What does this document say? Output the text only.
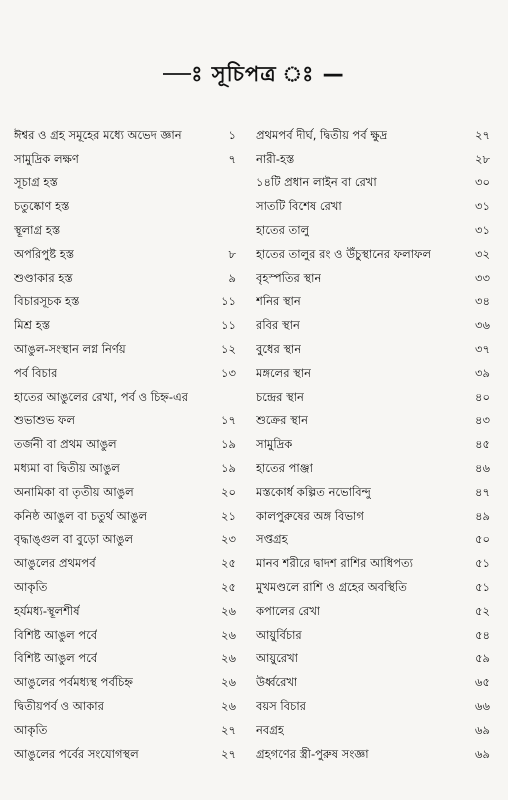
—ঃ সূচিপত্র ঃ —
ঈশ্বর ও গ্রহ সমূহের মধ্যে অভেদ জ্ঞান	১
সামুদ্রিক লক্ষণ	৭
সূচাগ্র হস্ত
চতুষ্কোণ হস্ত
স্থূলাগ্র হস্ত
অপরিপুষ্ট হস্ত	৮
শুণ্ডাকার হস্ত	৯
বিচারসূচক হস্ত	১১
মিশ্র হস্ত	১১
আঙুল-সংস্থান লগ্ন নির্ণয়	১২
পর্ব বিচার	১৩
হাতের আঙুলের রেখা, পর্ব ও চিহ্ন-এর
শুভাশুভ ফল	১৭
তর্জনী বা প্রথম আঙুল	১৯
মধ্যমা বা দ্বিতীয় আঙুল	১৯
অনামিকা বা তৃতীয় আঙুল	২০
কনিষ্ঠ আঙুল বা চতুর্থ আঙুল	২১
বৃদ্ধাঙ্গুল বা বুড়ো আঙুল	২৩
আঙুলের প্রথমপর্ব	২৫
আকৃতি	২৫
হর্যমধ্য-স্থূলশীর্ষ	২৬
বিশিষ্ট আঙুল পর্বে	২৬
বিশিষ্ট আঙুল পর্বে	২৬
আঙুলের পর্বমধ্যস্থ পর্বচিহ্ন	২৬
দ্বিতীয়পর্ব ও আকার	২৬
আকৃতি	২৭
আঙুলের পর্বের সংযোগস্থল	২৭
প্রথমপর্ব দীর্ঘ, দ্বিতীয় পর্ব ক্ষুদ্র	২৭
নারী-হস্ত	২৮
১৪টি প্রধান লাইন বা রেখা	৩০
সাতটি বিশেষ রেখা	৩১
হাতের তালু	৩১
হাতের তালুর রং ও উঁচুস্থানের ফলাফল	৩২
বৃহস্পতির স্থান	৩৩
শনির স্থান	৩৪
রবির স্থান	৩৬
বুধের স্থান	৩৭
মঙ্গলের স্থান	৩৯
চন্দ্রের স্থান	৪০
শুক্রের স্থান	৪৩
সামুদ্রিক	৪৫
হাতের পাঞ্জা	৪৬
মস্তকোর্ধ কল্পিত নভোবিন্দু	৪৭
কালপুরুষের অঙ্গ বিভাগ	৪৯
সপ্তগ্রহ	৫০
মানব শরীরে দ্বাদশ রাশির আধিপত্য	৫১
মুখমণ্ডলে রাশি ও গ্রহের অবস্থিতি	৫১
কপালের রেখা	৫২
আয়ুর্বিচার	৫৪
আয়ুরেখা	৫৯
উর্ধ্বরেখা	৬৫
বয়স বিচার	৬৬
নবগ্রহ	৬৯
গ্রহগণের স্ত্রী-পুরুষ সংজ্ঞা	৬৯
